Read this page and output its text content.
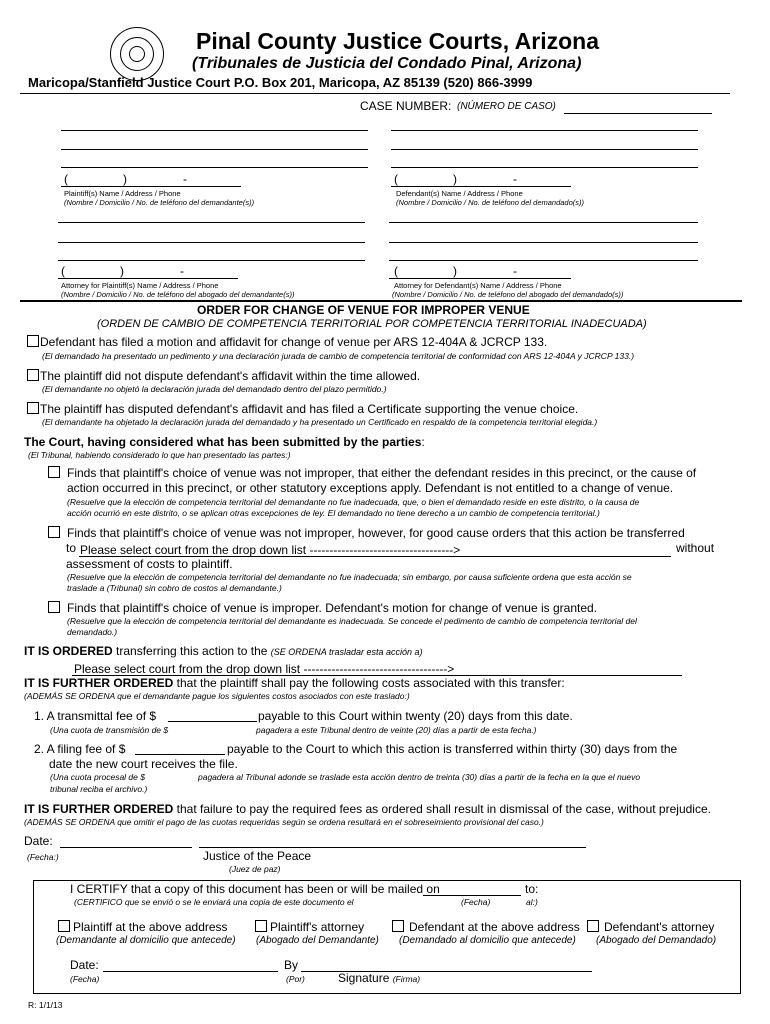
Pinal County Justice Courts, Arizona
(Tribunales de Justicia del Condado Pinal, Arizona)
Maricopa/Stanfield Justice Court P.O. Box 201, Maricopa, AZ 85139 (520) 866-3999
CASE NUMBER: (NÚMERO DE CASO)
(	)	-
Plaintiff(s) Name / Address / Phone
(Nombre / Domicilio / No. de teléfono del demandante(s))
(	)	-
Defendant(s) Name / Address / Phone
(Nombre / Domicilio / No. de teléfono del demandado(s))
(	)	-
Attorney for Plaintiff(s) Name / Address / Phone
(Nombre / Domicilio / No. de teléfono del abogado del demandante(s))
(	)	-
Attorney for Defendant(s) Name / Address / Phone
(Nombre / Domicilio / No. de teléfono del abogado del demandado(s))
ORDER FOR CHANGE OF VENUE FOR IMPROPER VENUE
(ORDEN DE CAMBIO DE COMPETENCIA TERRITORIAL POR COMPETENCIA TERRITORIAL INADECUADA)
Defendant has filed a motion and affidavit for change of venue per ARS 12-404A & JCRCP 133.
(El demandado ha presentado un pedimento y una declaración jurada de cambio de competencia territorial de conformidad con ARS 12-404A y JCRCP 133.)
The plaintiff did not dispute defendant's affidavit within the time allowed.
(El demandante no objetó la declaración jurada del demandado dentro del plazo permitido.)
The plaintiff has disputed defendant's affidavit and has filed a Certificate supporting the venue choice.
(El demandante ha objetado la declaración jurada del demandado y ha presentado un Certificado en respaldo de la competencia territorial elegida.)
The Court, having considered what has been submitted by the parties:
(El Tribunal, habiendo considerado lo que han presentado las partes:)
Finds that plaintiff's choice of venue was not improper, that either the defendant resides in this precinct, or the cause of
action occurred in this precinct, or other statutory exceptions apply. Defendant is not entitled to a change of venue.
(Resuelve que la elección de competencia territorial del demandante no fue inadecuada, que, o bien el demandado reside en este distrito, o la causa de
acción ocurrió en este distrito, o se aplican otras excepciones de ley. El demandado no tiene derecho a un cambio de competencia territorial.)
Finds that plaintiff's choice of venue was not improper, however, for good cause orders that this action be transferred
to Please select court from the drop down list ------------------------------------>	without
assessment of costs to plaintiff.
(Resuelve que la elección de competencia territorial del demandante no fue inadecuada; sin embargo, por causa suficiente ordena que esta acción se
traslade a (Tribunal) sin cobro de costos al demandante.)
Finds that plaintiff's choice of venue is improper. Defendant's motion for change of venue is granted.
(Resuelve que la elección de competencia territorial del demandante es inadecuada. Se concede el pedimento de cambio de competencia territorial del
demandado.)
IT IS ORDERED transferring this action to the (SE ORDENA trasladar esta acción a)
Please select court from the drop down list ------------------------------------>
IT IS FURTHER ORDERED that the plaintiff shall pay the following costs associated with this transfer:
(ADEMÁS SE ORDENA que el demandante pague los siguientes costos asociados con este traslado:)
1. A transmittal fee of $	payable to this Court within twenty (20) days from this date.
(Una cuota de transmisión de $	pagadera a este Tribunal dentro de veinte (20) días a partir de esta fecha.)
2. A filing fee of $	payable to the Court to which this action is transferred within thirty (30) days from the
date the new court receives the file.
(Una cuota procesal de $	pagadera al Tribunal adonde se traslade esta acción dentro de treinta (30) días a partir de la fecha en la que el nuevo
tribunal reciba el archivo.)
IT IS FURTHER ORDERED that failure to pay the required fees as ordered shall result in dismissal of the case, without prejudice.
(ADEMÁS SE ORDENA que omitir el pago de las cuotas requeridas según se ordena resultará en el sobreseimiento provisional del caso.)
Date:
(Fecha:)	Justice of the Peace
(Juez de paz)
I CERTIFY that a copy of this document has been or will be mailed on	to:
(CERTIFICO que se envió o se le enviará una copia de este documento el	(Fecha)	al:)
Plaintiff at the above address
(Demandante al domicilio que antecede)
Plaintiff's attorney
(Abogado del Demandante)
Defendant at the above address
(Demandado al domicilio que antecede)
Defendant's attorney
(Abogado del Demandado)
Date:	By
(Fecha)	(Por)	Signature (Firma)
R: 1/1/13
